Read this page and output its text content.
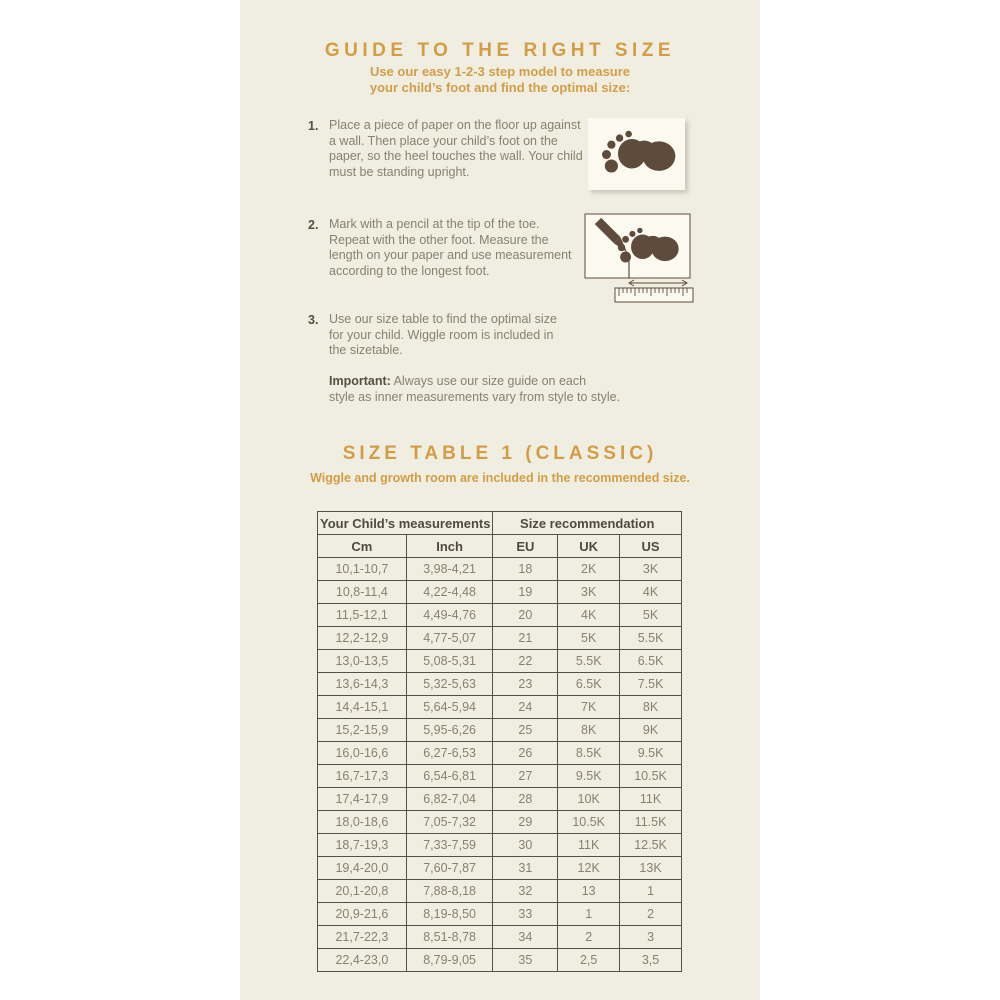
GUIDE TO THE RIGHT SIZE
Use our easy 1-2-3 step model to measure
your child’s foot and find the optimal size:
1. Place a piece of paper on the floor up against
a wall. Then place your child’s foot on the
paper, so the heel touches the wall. Your child
must be standing upright.
2. Mark with a pencil at the tip of the toe.
Repeat with the other foot. Measure the
length on your paper and use measurement
according to the longest foot.
3. Use our size table to find the optimal size
for your child. Wiggle room is included in
the sizetable.
Important: Always use our size guide on each
style as inner measurements vary from style to style.
SIZE TABLE 1 (CLASSIC)
Wiggle and growth room are included in the recommended size.
Your Child’s measurements		Size recommendation		
Cm	Inch	EU	UK	US
10,1-10,7	3,98-4,21	18	2K	3K
10,8-11,4	4,22-4,48	19	3K	4K
11,5-12,1	4,49-4,76	20	4K	5K
12,2-12,9	4,77-5,07	21	5K	5.5K
13,0-13,5	5,08-5,31	22	5.5K	6.5K
13,6-14,3	5,32-5,63	23	6.5K	7.5K
14,4-15,1	5,64-5,94	24	7K	8K
15,2-15,9	5,95-6,26	25	8K	9K
16,0-16,6	6,27-6,53	26	8.5K	9.5K
16,7-17,3	6,54-6,81	27	9.5K	10.5K
17,4-17,9	6,82-7,04	28	10K	11K
18,0-18,6	7,05-7,32	29	10.5K	11.5K
18,7-19,3	7,33-7,59	30	11K	12.5K
19,4-20,0	7,60-7,87	31	12K	13K
20,1-20,8	7,88-8,18	32	13	1
20,9-21,6	8,19-8,50	33	1	2
21,7-22,3	8,51-8,78	34	2	3
22,4-23,0	8,79-9,05	35	2,5	3,5
